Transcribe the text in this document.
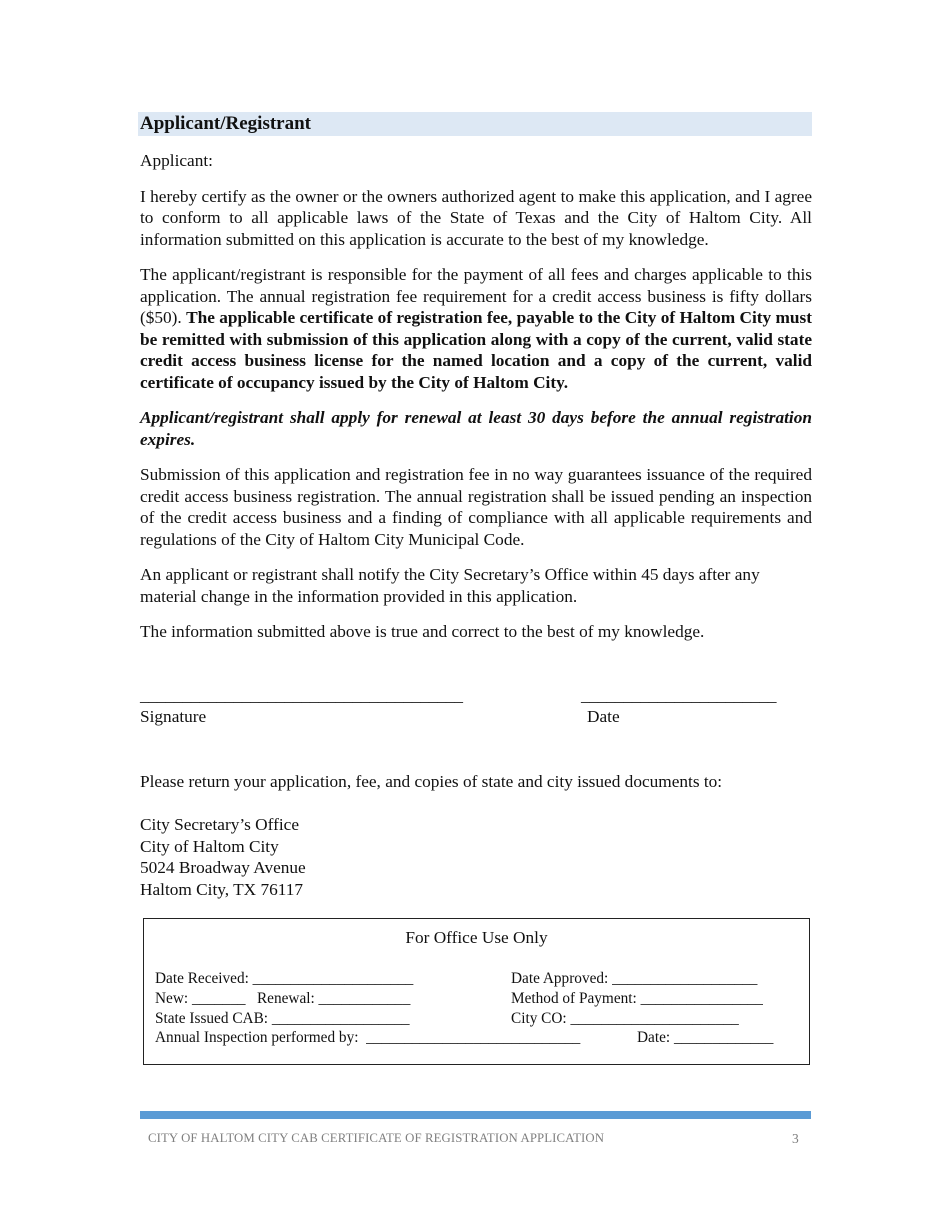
Applicant/Registrant

Applicant:

I hereby certify as the owner or the owners authorized agent to make this application, and I agree to conform to all applicable laws of the State of Texas and the City of Haltom City. All information submitted on this application is accurate to the best of my knowledge.

The applicant/registrant is responsible for the payment of all fees and charges applicable to this application. The annual registration fee requirement for a credit access business is fifty dollars ($50). The applicable certificate of registration fee, payable to the City of Haltom City must be remitted with submission of this application along with a copy of the current, valid state credit access business license for the named location and a copy of the current, valid certificate of occupancy issued by the City of Haltom City.

Applicant/registrant shall apply for renewal at least 30 days before the annual registration expires.

Submission of this application and registration fee in no way guarantees issuance of the required credit access business registration. The annual registration shall be issued pending an inspection of the credit access business and a finding of compliance with all applicable requirements and regulations of the City of Haltom City Municipal Code.

An applicant or registrant shall notify the City Secretary’s Office within 45 days after any material change in the information provided in this application.

The information submitted above is true and correct to the best of my knowledge.

______________________________________	_______________________
Signature	Date
Please return your application, fee, and copies of state and city issued documents to:
City Secretary’s Office
City of Haltom City
5024 Broadway Avenue
Haltom City, TX 76117
For Office Use Only
Date Received: _____________________	Date Approved: ___________________
New: _______   Renewal: ____________	Method of Payment: ________________
State Issued CAB: __________________	City CO: ______________________
Annual Inspection performed by:  ____________________________	Date: _____________
CITY OF HALTOM CITY CAB CERTIFICATE OF REGISTRATION APPLICATION	3
